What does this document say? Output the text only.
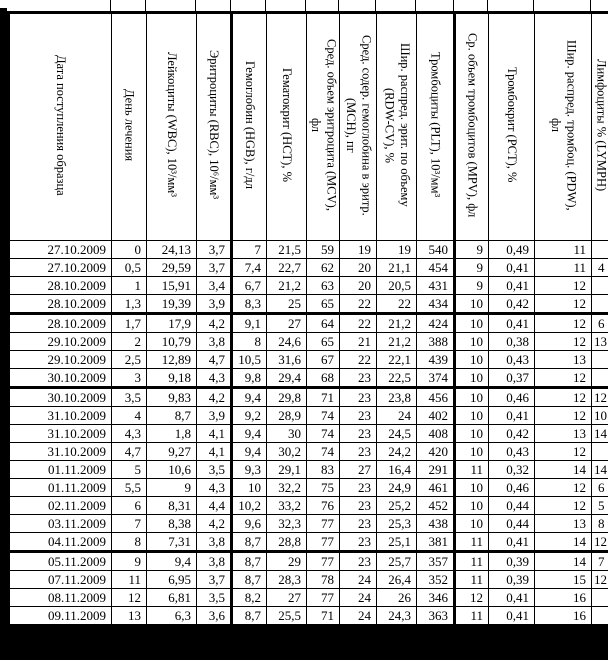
Дата поступления образца	День лечения	Лейкоциты (WBC), 10³/мм³	Эритроциты (RBC), 10⁶/мм³	Гемоглобин (HGB), г/дл	Гематокрит (HCT), %	Сред. объем эритроцита (MCV),
фл	Сред. содер. гемоглобина в эритр.
(MCH), пг	Шир. распред. эрит. по объему
(RDW-CV), %	Тромбоциты (PLT), 10³/мм³	Ср. объем тромбоцитов (MPV), фл	Тромбокрит (PCT), %	Шир. распред. тромбоц. (PDW),
фл	Лимфоциты % (LYMPH)

27.10.2009	0	24,13	3,7	7	21,5	59	19	19	540	9	0,49	11	
27.10.2009	0,5	29,59	3,7	7,4	22,7	62	20	21,1	454	9	0,41	11	4
28.10.2009	1	15,91	3,4	6,7	21,2	63	20	20,5	431	9	0,41	12	
28.10.2009	1,3	19,39	3,9	8,3	25	65	22	22	434	10	0,42	12	
28.10.2009	1,7	17,9	4,2	9,1	27	64	22	21,2	424	10	0,41	12	6
29.10.2009	2	10,79	3,8	8	24,6	65	21	21,2	388	10	0,38	12	13
29.10.2009	2,5	12,89	4,7	10,5	31,6	67	22	22,1	439	10	0,43	13	
30.10.2009	3	9,18	4,3	9,8	29,4	68	23	22,5	374	10	0,37	12	
30.10.2009	3,5	9,83	4,2	9,4	29,8	71	23	23,8	456	10	0,46	12	12
31.10.2009	4	8,7	3,9	9,2	28,9	74	23	24	402	10	0,41	12	10
31.10.2009	4,3	1,8	4,1	9,4	30	74	23	24,5	408	10	0,42	13	14
31.10.2009	4,7	9,27	4,1	9,4	30,2	74	23	24,2	420	10	0,43	12	
01.11.2009	5	10,6	3,5	9,3	29,1	83	27	16,4	291	11	0,32	14	14
01.11.2009	5,5	9	4,3	10	32,2	75	23	24,9	461	10	0,46	12	6
02.11.2009	6	8,31	4,4	10,2	33,2	76	23	25,2	452	10	0,44	12	5
03.11.2009	7	8,38	4,2	9,6	32,3	77	23	25,3	438	10	0,44	13	8
04.11.2009	8	7,31	3,8	8,7	28,8	77	23	25,1	381	11	0,41	14	12
05.11.2009	9	9,4	3,8	8,7	29	77	23	25,7	357	11	0,39	14	7
07.11.2009	11	6,95	3,7	8,7	28,3	78	24	26,4	352	11	0,39	15	12
08.11.2009	12	6,81	3,5	8,2	27	77	24	26	346	12	0,41	16	
09.11.2009	13	6,3	3,6	8,7	25,5	71	24	24,3	363	11	0,41	16	
